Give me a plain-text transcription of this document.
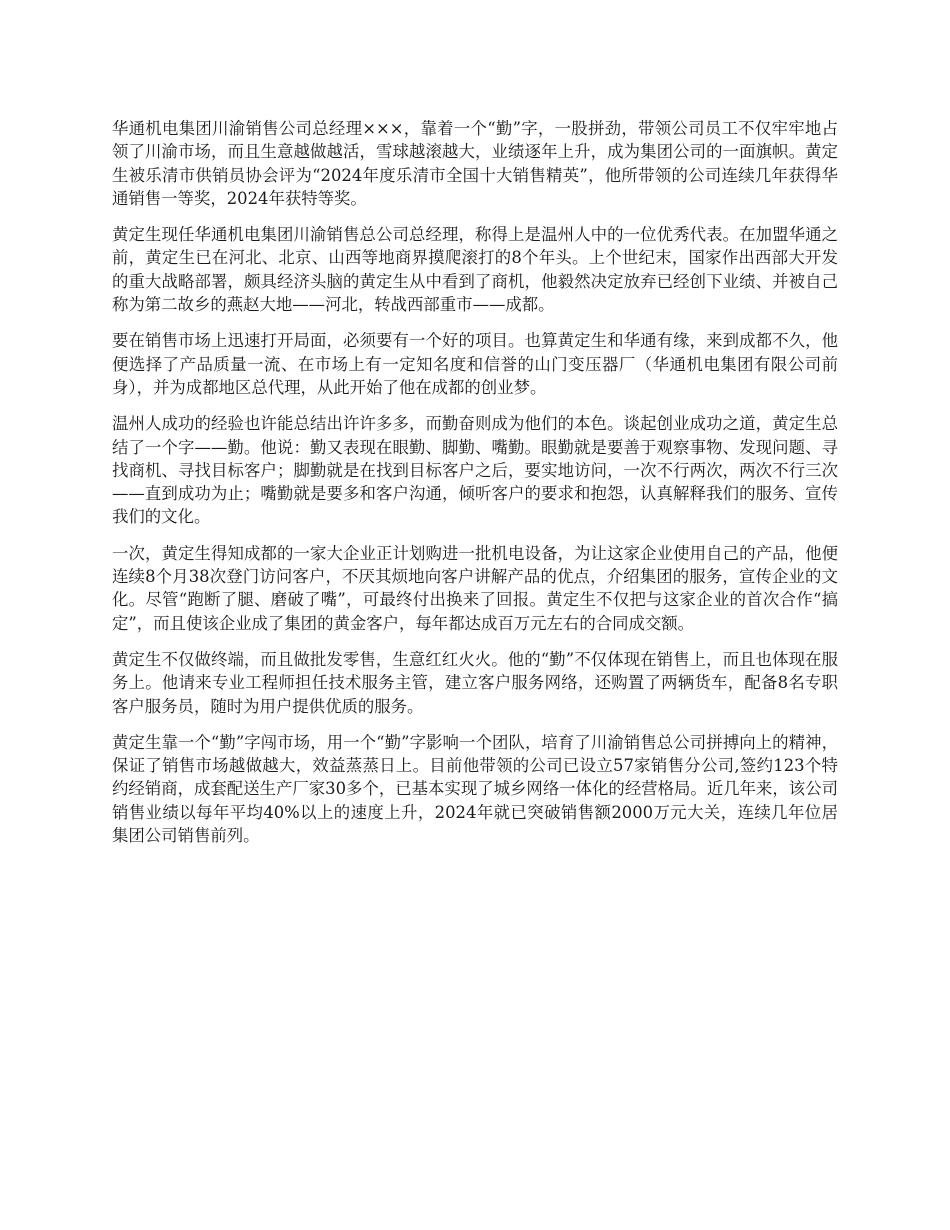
华通机电集团川渝销售公司总经理×××，靠着一个“勤”字，一股拼劲，带领公司员工不仅牢牢地占领了川渝市场，而且生意越做越活，雪球越滚越大，业绩逐年上升，成为集团公司的一面旗帜。黄定生被乐清市供销员协会评为“2024年度乐清市全国十大销售精英”，他所带领的公司连续几年获得华通销售一等奖，2024年获特等奖。

黄定生现任华通机电集团川渝销售总公司总经理，称得上是温州人中的一位优秀代表。在加盟华通之前，黄定生已在河北、北京、山西等地商界摸爬滚打的8个年头。上个世纪末，国家作出西部大开发的重大战略部署，颇具经济头脑的黄定生从中看到了商机，他毅然决定放弃已经创下业绩、并被自己称为第二故乡的燕赵大地——河北，转战西部重市——成都。

要在销售市场上迅速打开局面，必须要有一个好的项目。也算黄定生和华通有缘，来到成都不久，他便选择了产品质量一流、在市场上有一定知名度和信誉的山门变压器厂（华通机电集团有限公司前身），并为成都地区总代理，从此开始了他在成都的创业梦。

温州人成功的经验也许能总结出许许多多，而勤奋则成为他们的本色。谈起创业成功之道，黄定生总结了一个字——勤。他说：勤又表现在眼勤、脚勤、嘴勤。眼勤就是要善于观察事物、发现问题、寻找商机、寻找目标客户；脚勤就是在找到目标客户之后，要实地访问，一次不行两次，两次不行三次——直到成功为止；嘴勤就是要多和客户沟通，倾听客户的要求和抱怨，认真解释我们的服务、宣传我们的文化。

一次，黄定生得知成都的一家大企业正计划购进一批机电设备，为让这家企业使用自己的产品，他便连续8个月38次登门访问客户，不厌其烦地向客户讲解产品的优点，介绍集团的服务，宣传企业的文化。尽管“跑断了腿、磨破了嘴”，可最终付出换来了回报。黄定生不仅把与这家企业的首次合作“搞定”，而且使该企业成了集团的黄金客户，每年都达成百万元左右的合同成交额。

黄定生不仅做终端，而且做批发零售，生意红红火火。他的“勤”不仅体现在销售上，而且也体现在服务上。他请来专业工程师担任技术服务主管，建立客户服务网络，还购置了两辆货车，配备8名专职客户服务员，随时为用户提供优质的服务。

黄定生靠一个“勤”字闯市场，用一个“勤”字影响一个团队，培育了川渝销售总公司拼搏向上的精神，保证了销售市场越做越大，效益蒸蒸日上。目前他带领的公司已设立57家销售分公司,签约123个特约经销商，成套配送生产厂家30多个，已基本实现了城乡网络一体化的经营格局。近几年来，该公司销售业绩以每年平均40%以上的速度上升，2024年就已突破销售额2000万元大关，连续几年位居集团公司销售前列。
